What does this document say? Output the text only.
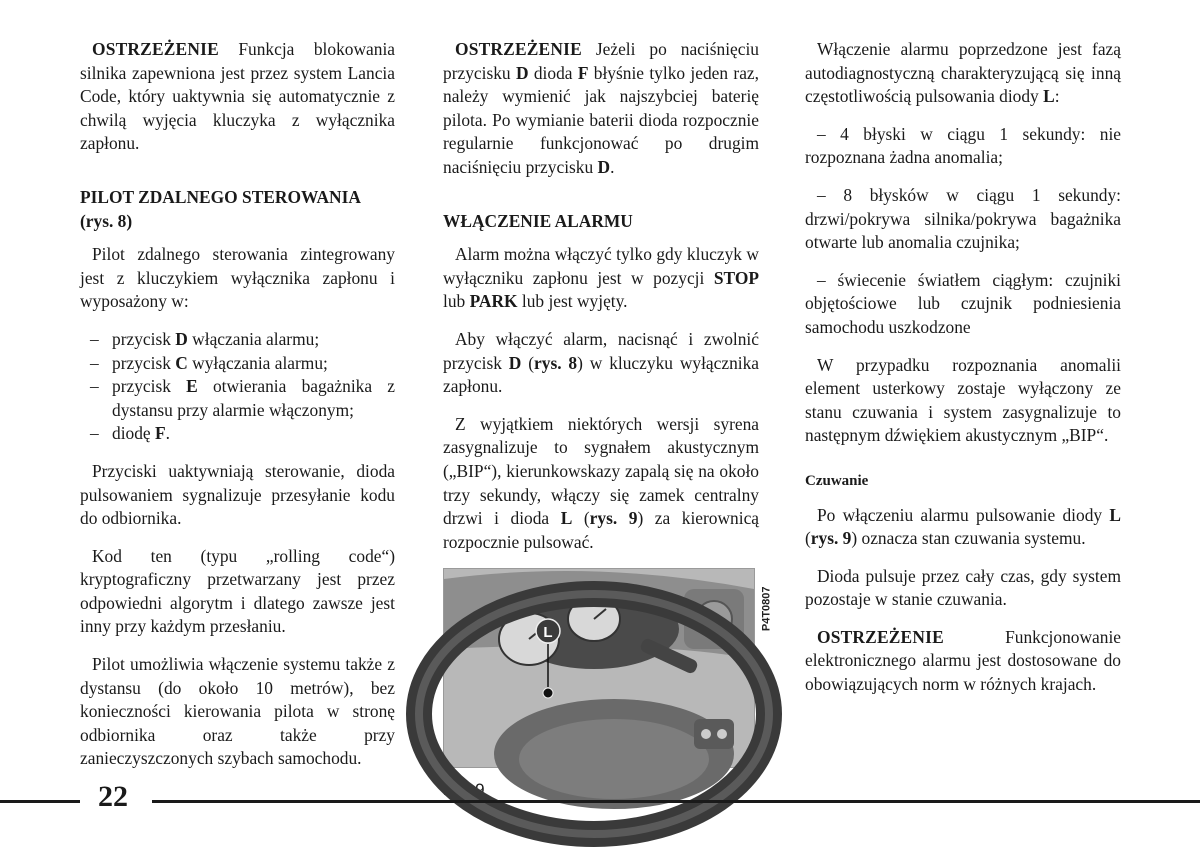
OSTRZEŻENIE Funkcja blokowania silnika zapewniona jest przez system Lancia Code, który uaktywnia się automatycznie z chwilą wyjęcia kluczyka z wyłącznika zapłonu.

PILOT ZDALNEGO STEROWANIA (rys. 8)

Pilot zdalnego sterowania zintegrowany jest z kluczykiem wyłącznika zapłonu i wyposażony w:

– przycisk D włączania alarmu;
– przycisk C wyłączania alarmu;
– przycisk E otwierania bagażnika z dystansu przy alarmie włączonym;
– diodę F.

Przyciski uaktywniają sterowanie, dioda pulsowaniem sygnalizuje przesyłanie kodu do odbiornika.

Kod ten (typu „rolling code“) kryptograficzny przetwarzany jest przez odpowiedni algorytm i dlatego zawsze jest inny przy każdym przesłaniu.

Pilot umożliwia włączenie systemu także z dystansu (do około 10 metrów), bez konieczności kierowania pilota w stronę odbiornika oraz także przy zanieczyszczonych szybach samochodu.

OSTRZEŻENIE Jeżeli po naciśnięciu przycisku D dioda F błyśnie tylko jeden raz, należy wymienić jak najszybciej baterię pilota. Po wymianie baterii dioda rozpocznie regularnie funkcjonować po drugim naciśnięciu przycisku D.

WŁĄCZENIE ALARMU

Alarm można włączyć tylko gdy kluczyk w wyłączniku zapłonu jest w pozycji STOP lub PARK lub jest wyjęty.

Aby włączyć alarm, nacisnąć i zwolnić przycisk D (rys. 8) w kluczyku wyłącznika zapłonu.

Z wyjątkiem niektórych wersji syrena zasygnalizuje to sygnałem akustycznym („BIP“), kierunkowskazy zapalą się na około trzy sekundy, włączy się zamek centralny drzwi i dioda L (rys. 9) za kierownicą rozpocznie pulsować.

L
P4T0807
rys. 9

Włączenie alarmu poprzedzone jest fazą autodiagnostyczną charakteryzującą się inną częstotliwością pulsowania diody L:

– 4 błyski w ciągu 1 sekundy: nie rozpoznana żadna anomalia;

– 8 błysków w ciągu 1 sekundy: drzwi/pokrywa silnika/pokrywa bagażnika otwarte lub anomalia czujnika;

– świecenie światłem ciągłym: czujniki objętościowe lub czujnik podniesienia samochodu uszkodzone

W przypadku rozpoznania anomalii element usterkowy zostaje wyłączony ze stanu czuwania i system zasygnalizuje to następnym dźwiękiem akustycznym „BIP“.

Czuwanie

Po włączeniu alarmu pulsowanie diody L (rys. 9) oznacza stan czuwania systemu.

Dioda pulsuje przez cały czas, gdy system pozostaje w stanie czuwania.

OSTRZEŻENIE Funkcjonowanie elektronicznego alarmu jest dostosowane do obowiązujących norm w różnych krajach.

22
